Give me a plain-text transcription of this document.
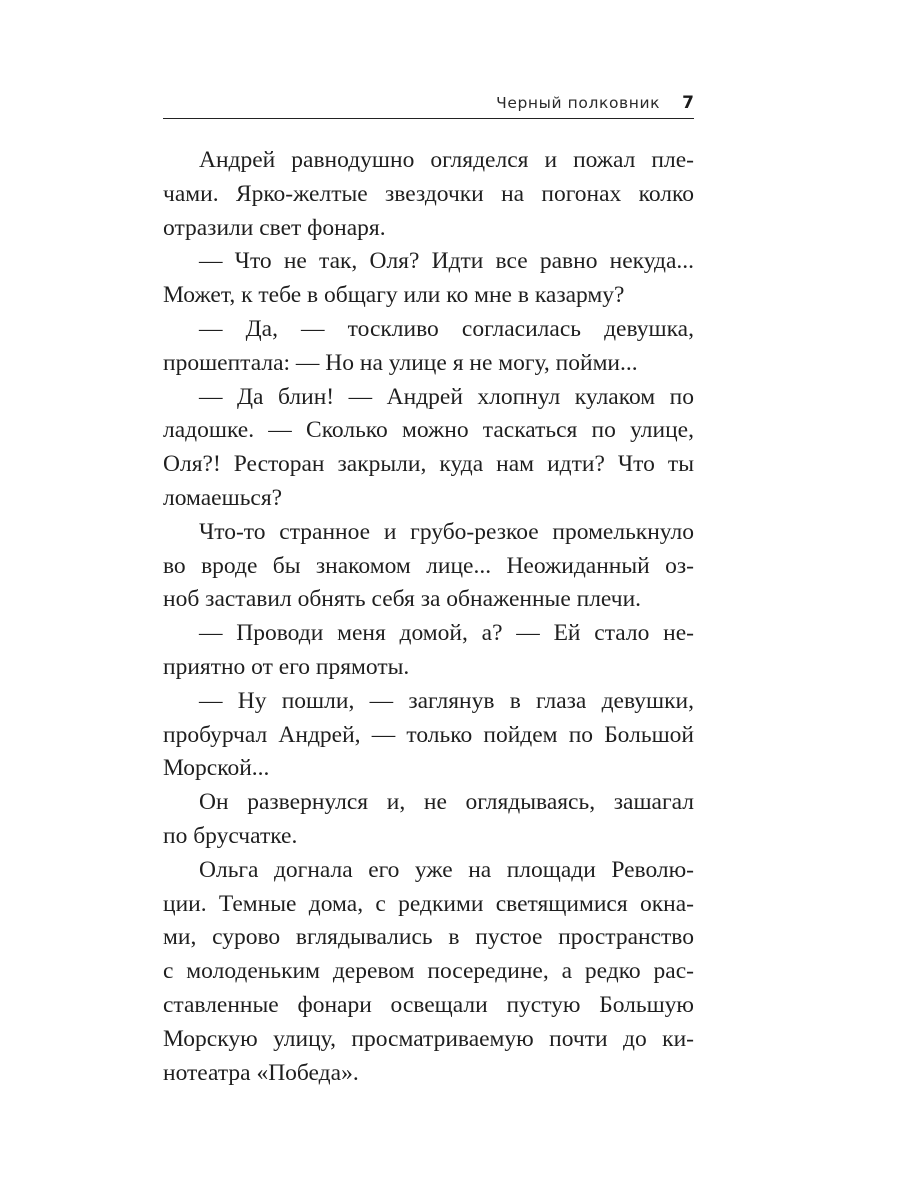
Черный полковник 7
Андрей равнодушно огляделся и пожал пле-
чами. Ярко-желтые звездочки на погонах колко
отразили свет фонаря.
— Что не так, Оля? Идти все равно некуда...
Может, к тебе в общагу или ко мне в казарму?
— Да, — тоскливо согласилась девушка,
прошептала: — Но на улице я не могу, пойми...
— Да блин! — Андрей хлопнул кулаком по
ладошке. — Сколько можно таскаться по улице,
Оля?! Ресторан закрыли, куда нам идти? Что ты
ломаешься?
Что-то странное и грубо-резкое промелькнуло
во вроде бы знакомом лице... Неожиданный оз-
ноб заставил обнять себя за обнаженные плечи.
— Проводи меня домой, а? — Ей стало не-
приятно от его прямоты.
— Ну пошли, — заглянув в глаза девушки,
пробурчал Андрей, — только пойдем по Большой
Морской...
Он развернулся и, не оглядываясь, зашагал
по брусчатке.
Ольга догнала его уже на площади Револю-
ции. Темные дома, с редкими светящимися окна-
ми, сурово вглядывались в пустое пространство
с молоденьким деревом посередине, а редко рас-
ставленные фонари освещали пустую Большую
Морскую улицу, просматриваемую почти до ки-
нотеатра «Победа».
